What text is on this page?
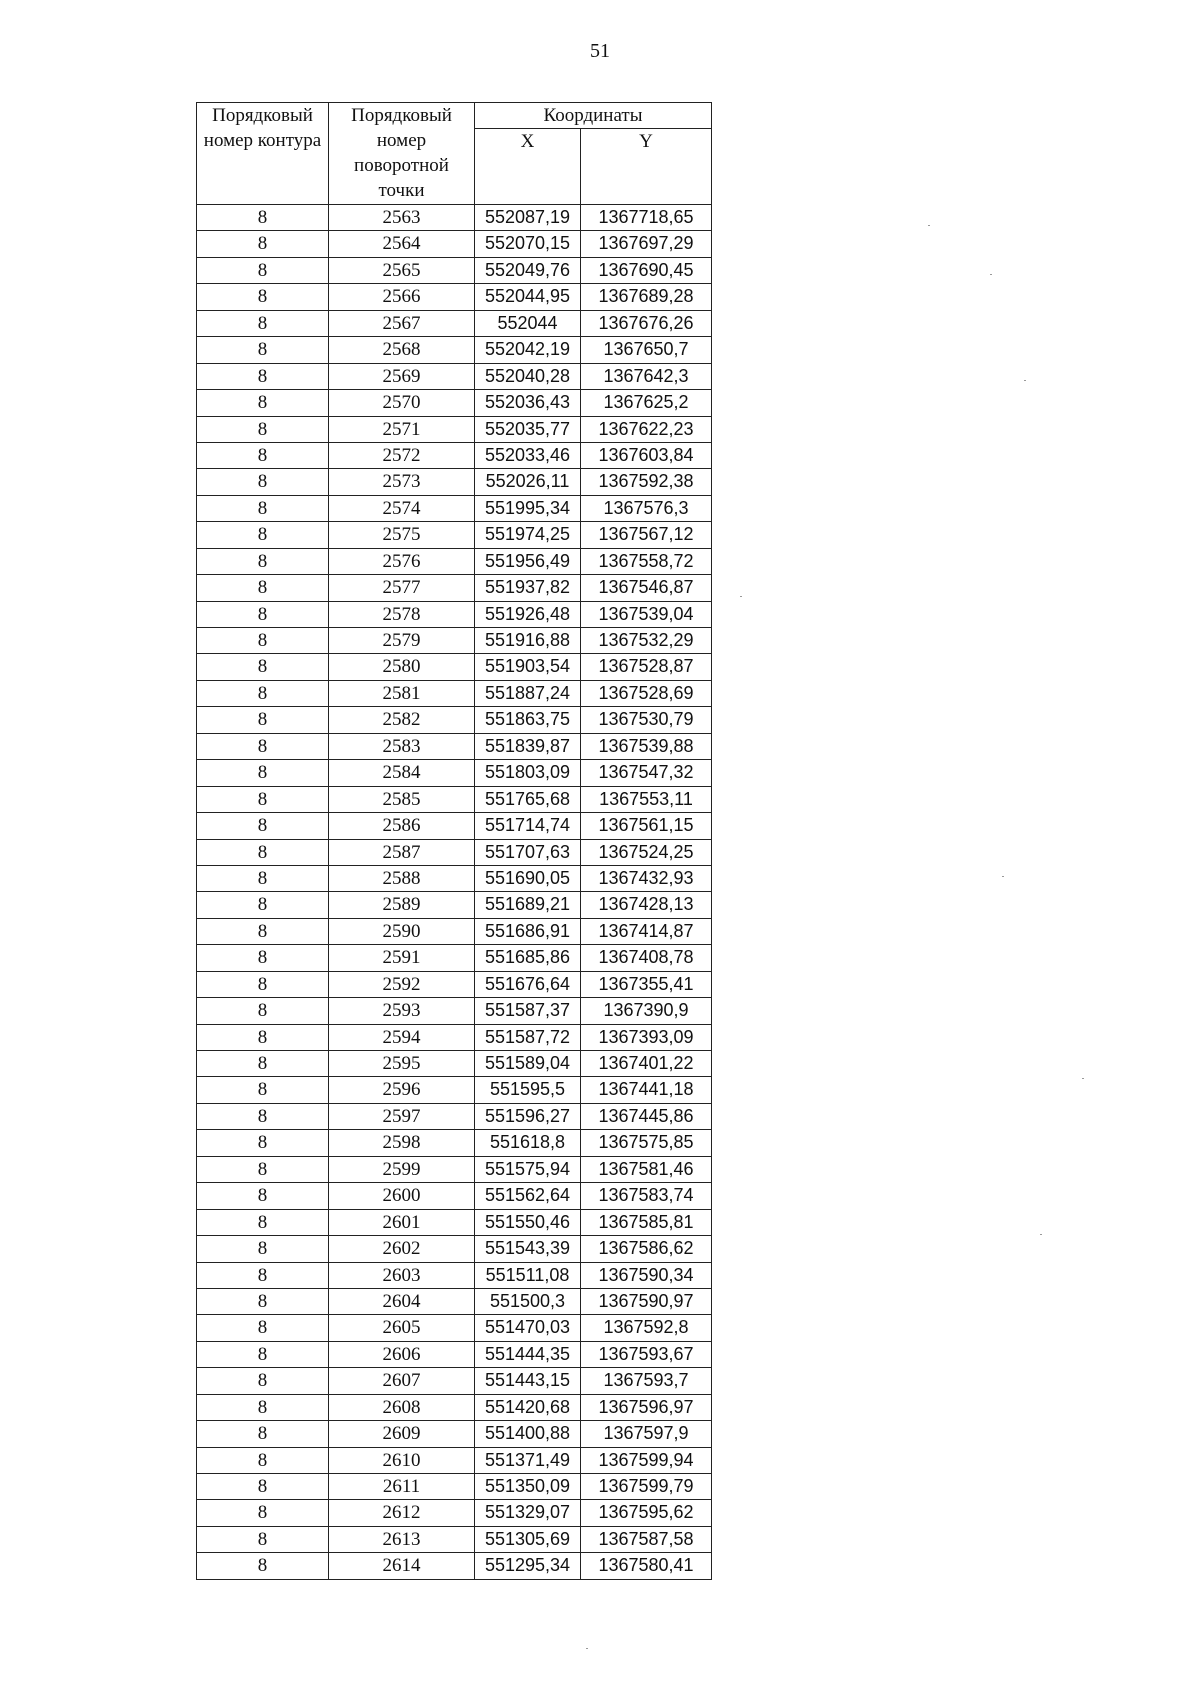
51
Порядковый номер контура	Порядковый номер поворотной точки	Координаты	
		X	Y
8	2563	552087,19	1367718,65
8	2564	552070,15	1367697,29
8	2565	552049,76	1367690,45
8	2566	552044,95	1367689,28
8	2567	552044	1367676,26
8	2568	552042,19	1367650,7
8	2569	552040,28	1367642,3
8	2570	552036,43	1367625,2
8	2571	552035,77	1367622,23
8	2572	552033,46	1367603,84
8	2573	552026,11	1367592,38
8	2574	551995,34	1367576,3
8	2575	551974,25	1367567,12
8	2576	551956,49	1367558,72
8	2577	551937,82	1367546,87
8	2578	551926,48	1367539,04
8	2579	551916,88	1367532,29
8	2580	551903,54	1367528,87
8	2581	551887,24	1367528,69
8	2582	551863,75	1367530,79
8	2583	551839,87	1367539,88
8	2584	551803,09	1367547,32
8	2585	551765,68	1367553,11
8	2586	551714,74	1367561,15
8	2587	551707,63	1367524,25
8	2588	551690,05	1367432,93
8	2589	551689,21	1367428,13
8	2590	551686,91	1367414,87
8	2591	551685,86	1367408,78
8	2592	551676,64	1367355,41
8	2593	551587,37	1367390,9
8	2594	551587,72	1367393,09
8	2595	551589,04	1367401,22
8	2596	551595,5	1367441,18
8	2597	551596,27	1367445,86
8	2598	551618,8	1367575,85
8	2599	551575,94	1367581,46
8	2600	551562,64	1367583,74
8	2601	551550,46	1367585,81
8	2602	551543,39	1367586,62
8	2603	551511,08	1367590,34
8	2604	551500,3	1367590,97
8	2605	551470,03	1367592,8
8	2606	551444,35	1367593,67
8	2607	551443,15	1367593,7
8	2608	551420,68	1367596,97
8	2609	551400,88	1367597,9
8	2610	551371,49	1367599,94
8	2611	551350,09	1367599,79
8	2612	551329,07	1367595,62
8	2613	551305,69	1367587,58
8	2614	551295,34	1367580,41
